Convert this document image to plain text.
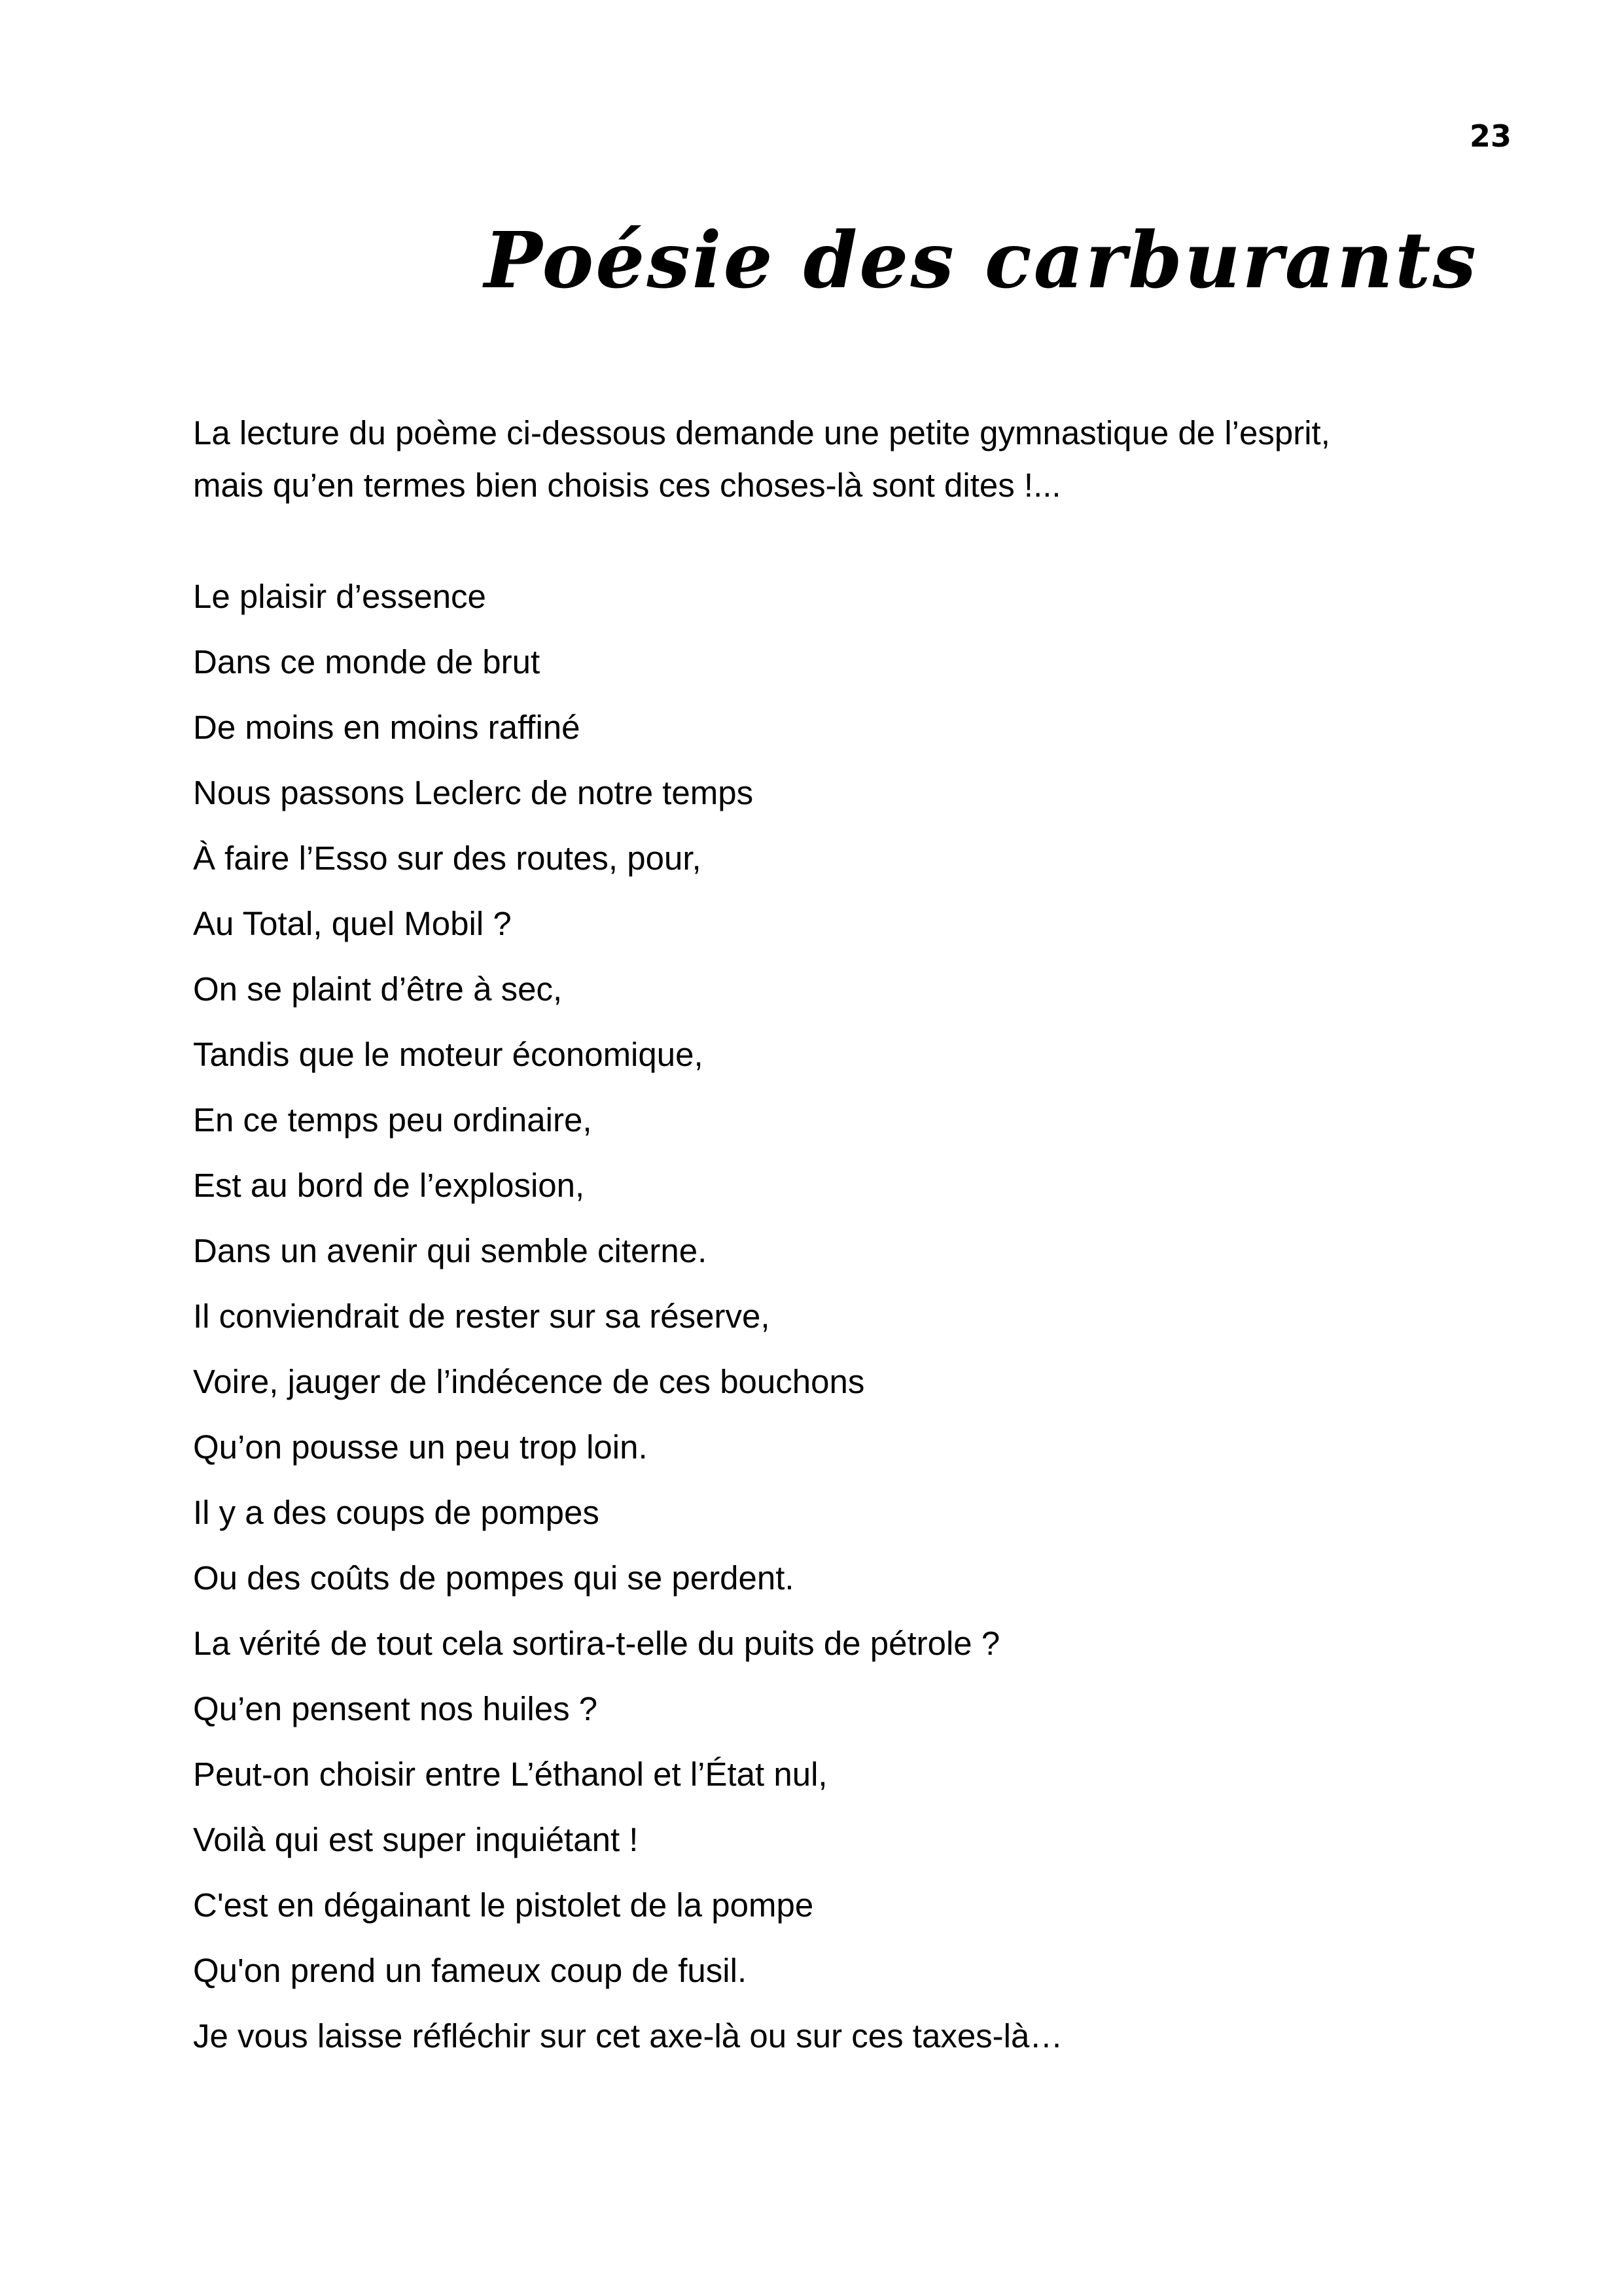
23
Poésie des carburants

La lecture du poème ci-dessous demande une petite gymnastique de l’esprit,
mais qu’en termes bien choisis ces choses-là sont dites !...

Le plaisir d’essence
Dans ce monde de brut
De moins en moins raffiné
Nous passons Leclerc de notre temps
À faire l’Esso sur des routes, pour,
Au Total, quel Mobil ?
On se plaint d’être à sec,
Tandis que le moteur économique,
En ce temps peu ordinaire,
Est au bord de l’explosion,
Dans un avenir qui semble citerne.
Il conviendrait de rester sur sa réserve,
Voire, jauger de l’indécence de ces bouchons
Qu’on pousse un peu trop loin.
Il y a des coups de pompes
Ou des coûts de pompes qui se perdent.
La vérité de tout cela sortira-t-elle du puits de pétrole ?
Qu’en pensent nos huiles ?
Peut-on choisir entre L’éthanol et l’État nul,
Voilà qui est super inquiétant !
C'est en dégainant le pistolet de la pompe
Qu'on prend un fameux coup de fusil.
Je vous laisse réfléchir sur cet axe-là ou sur ces taxes-là…
